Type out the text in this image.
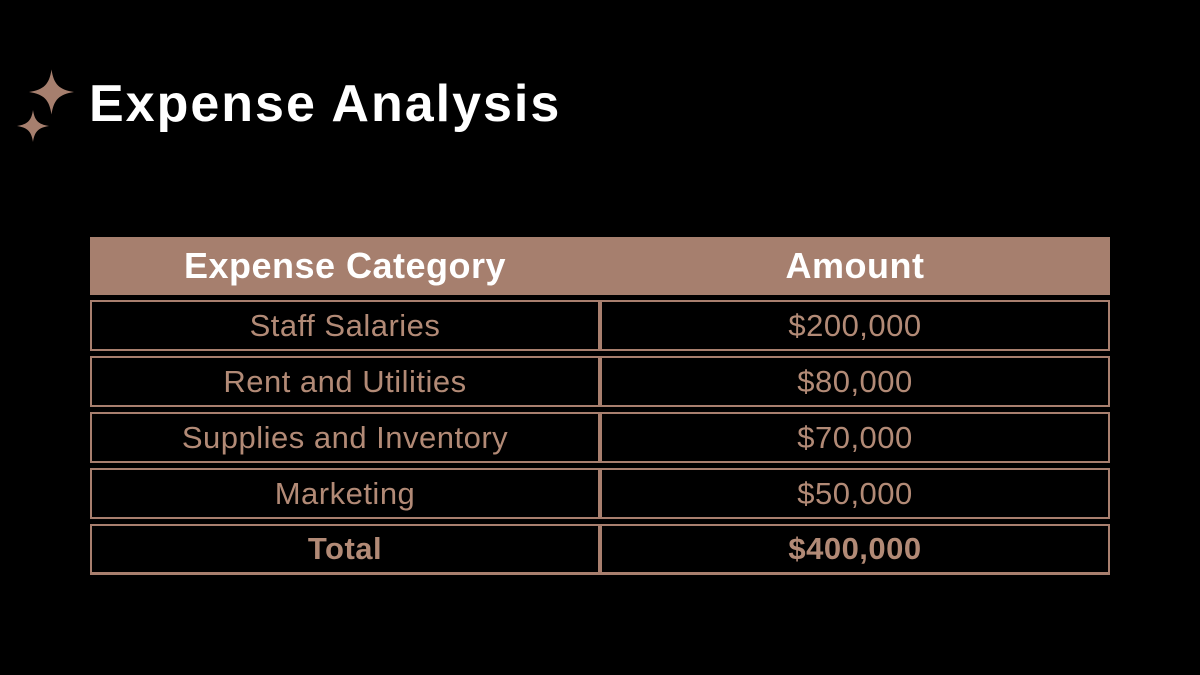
Expense Analysis
Expense Category	Amount
Staff Salaries	$200,000
Rent and Utilities	$80,000
Supplies and Inventory	$70,000
Marketing	$50,000
Total	$400,000
